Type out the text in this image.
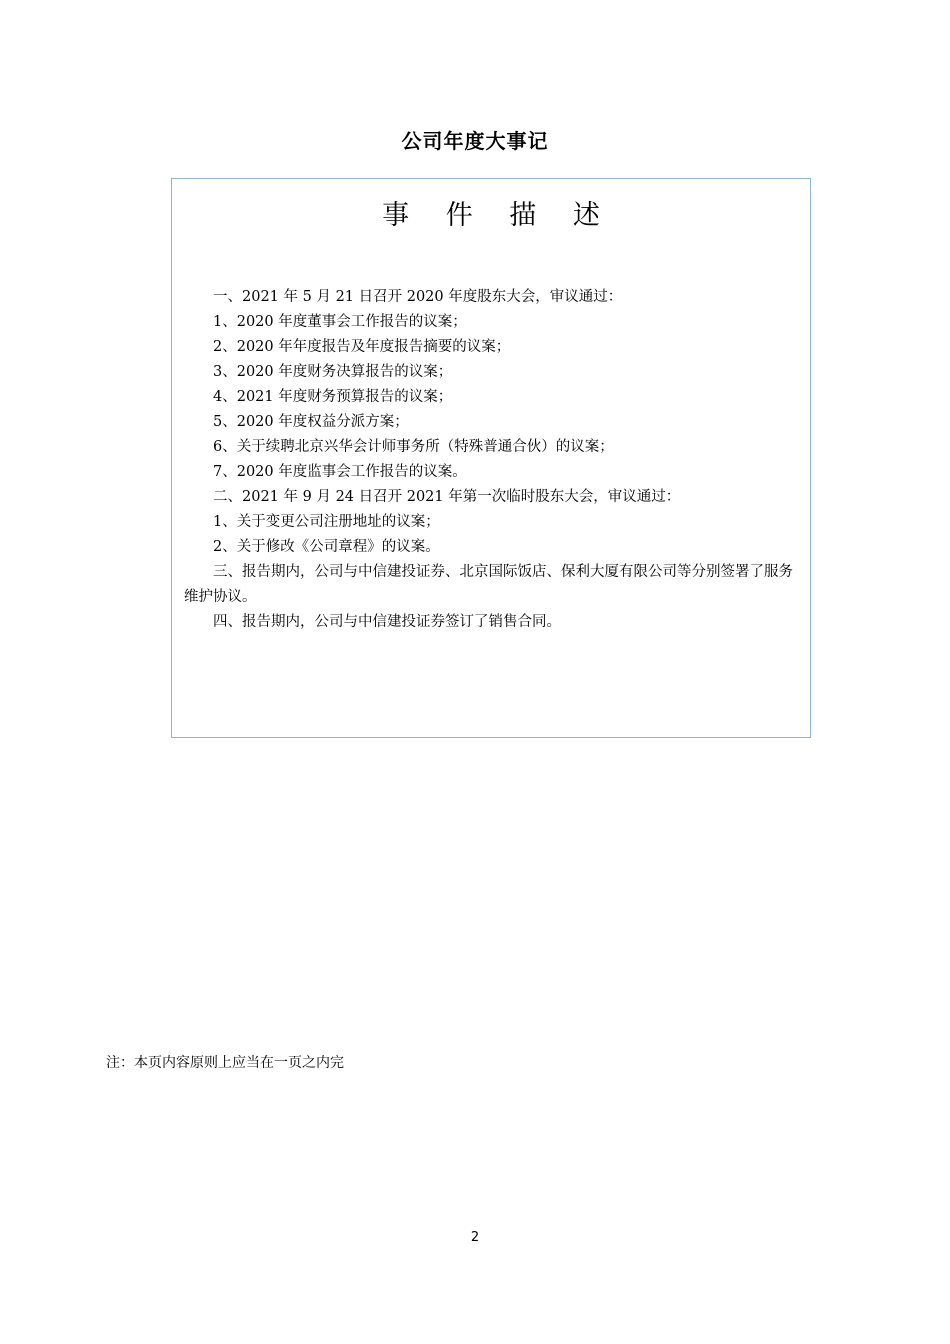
公司年度大事记
事 件 描 述

一、2021 年 5 月 21 日召开 2020 年度股东大会，审议通过：

1、2020 年度董事会工作报告的议案；

2、2020 年年度报告及年度报告摘要的议案；

3、2020 年度财务决算报告的议案；

4、2021 年度财务预算报告的议案；

5、2020 年度权益分派方案；

6、关于续聘北京兴华会计师事务所（特殊普通合伙）的议案；

7、2020 年度监事会工作报告的议案。

二、2021 年 9 月 24 日召开 2021 年第一次临时股东大会，审议通过：

1、关于变更公司注册地址的议案；

2、关于修改《公司章程》的议案。

三、报告期内，公司与中信建投证券、北京国际饭店、保利大厦有限公司等分别签署了服务维护协议。

四、报告期内，公司与中信建投证券签订了销售合同。

注：本页内容原则上应当在一页之内完
2
